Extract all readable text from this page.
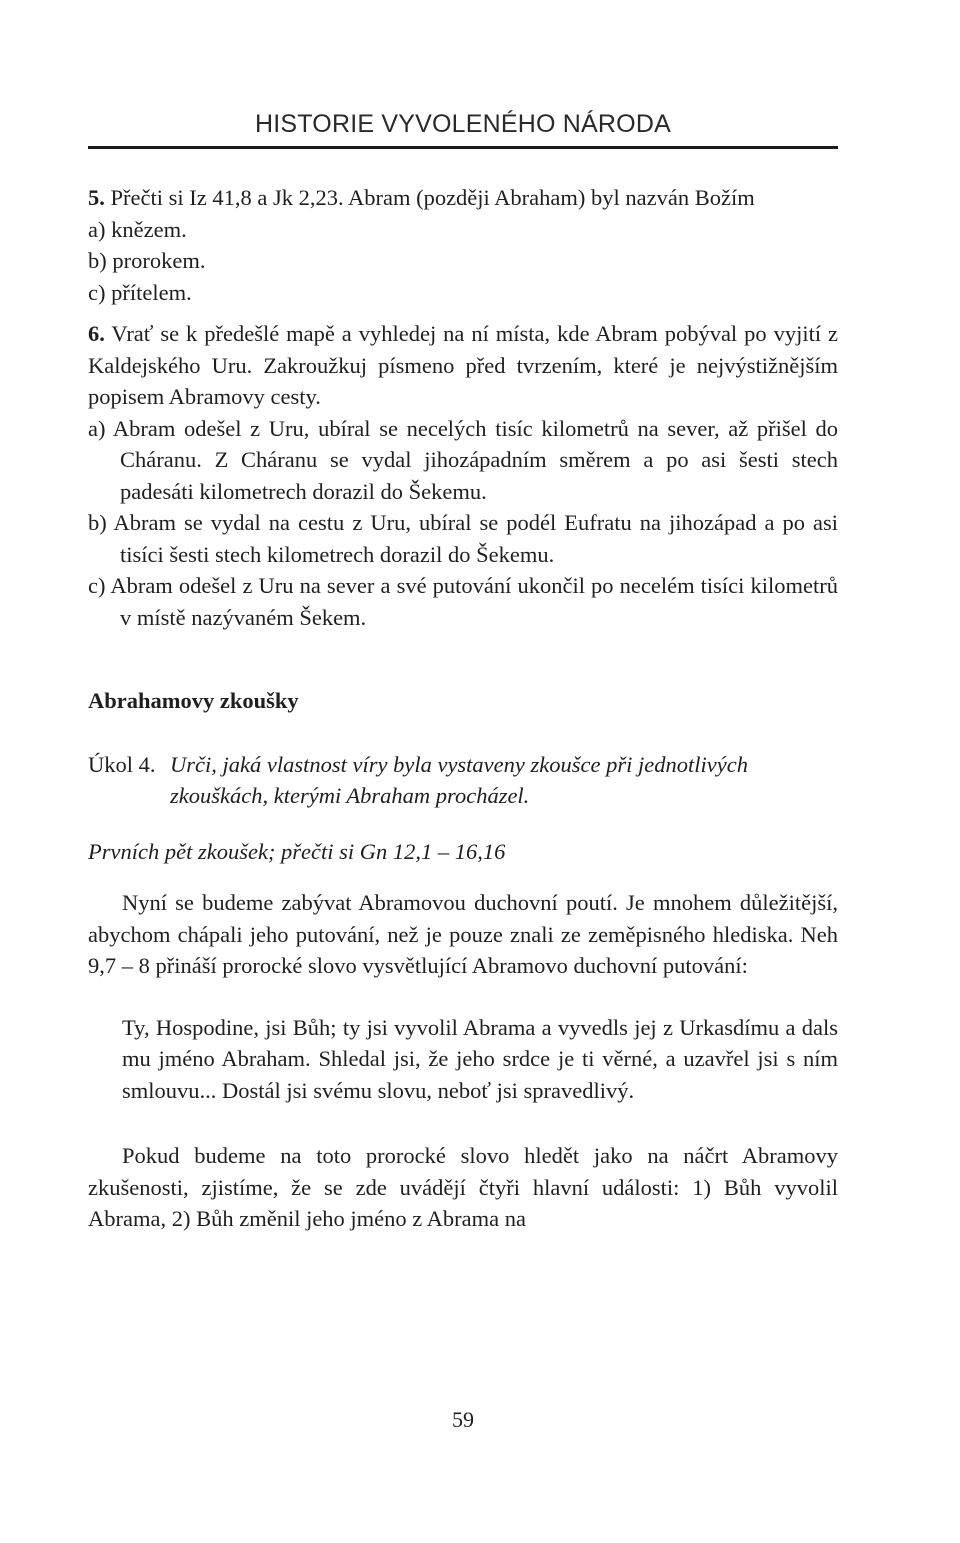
HISTORIE VYVOLENÉHO NÁRODA

5. Přečti si Iz 41,8 a Jk 2,23. Abram (později Abraham) byl nazván Božím

a) knězem.

b) prorokem.

c) přítelem.

6. Vrať se k předešlé mapě a vyhledej na ní místa, kde Abram pobýval po vyjití z Kaldejského Uru. Zakroužkuj písmeno před tvrzením, které je nejvýstižnějším popisem Abramovy cesty.

a) Abram odešel z Uru, ubíral se necelých tisíc kilometrů na sever, až přišel do Cháranu. Z Cháranu se vydal jihozápadním směrem a po asi šesti stech padesáti kilometrech dorazil do Šekemu.

b) Abram se vydal na cestu z Uru, ubíral se podél Eufratu na jihozápad a po asi tisíci šesti stech kilometrech dorazil do Šekemu.

c) Abram odešel z Uru na sever a své putování ukončil po necelém tisíci kilometrů v místě nazývaném Šekem.

Abrahamovy zkoušky

Úkol 4. Urči, jaká vlastnost víry byla vystaveny zkoušce při jednotlivých zkouškách, kterými Abraham procházel.

Prvních pět zkoušek; přečti si Gn 12,1 – 16,16

Nyní se budeme zabývat Abramovou duchovní poutí. Je mnohem důležitější, abychom chápali jeho putování, než je pouze znali ze zeměpisného hlediska. Neh 9,7 – 8 přináší prorocké slovo vysvětlující Abramovo duchovní putování:

Ty, Hospodine, jsi Bůh; ty jsi vyvolil Abrama a vyvedls jej z Urkasdímu a dals mu jméno Abraham. Shledal jsi, že jeho srdce je ti věrné, a uzavřel jsi s ním smlouvu... Dostál jsi svému slovu, neboť jsi spravedlivý.

Pokud budeme na toto prorocké slovo hledět jako na náčrt Abramovy zkušenosti, zjistíme, že se zde uvádějí čtyři hlavní události: 1) Bůh vyvolil Abrama, 2) Bůh změnil jeho jméno z Abrama na

59
